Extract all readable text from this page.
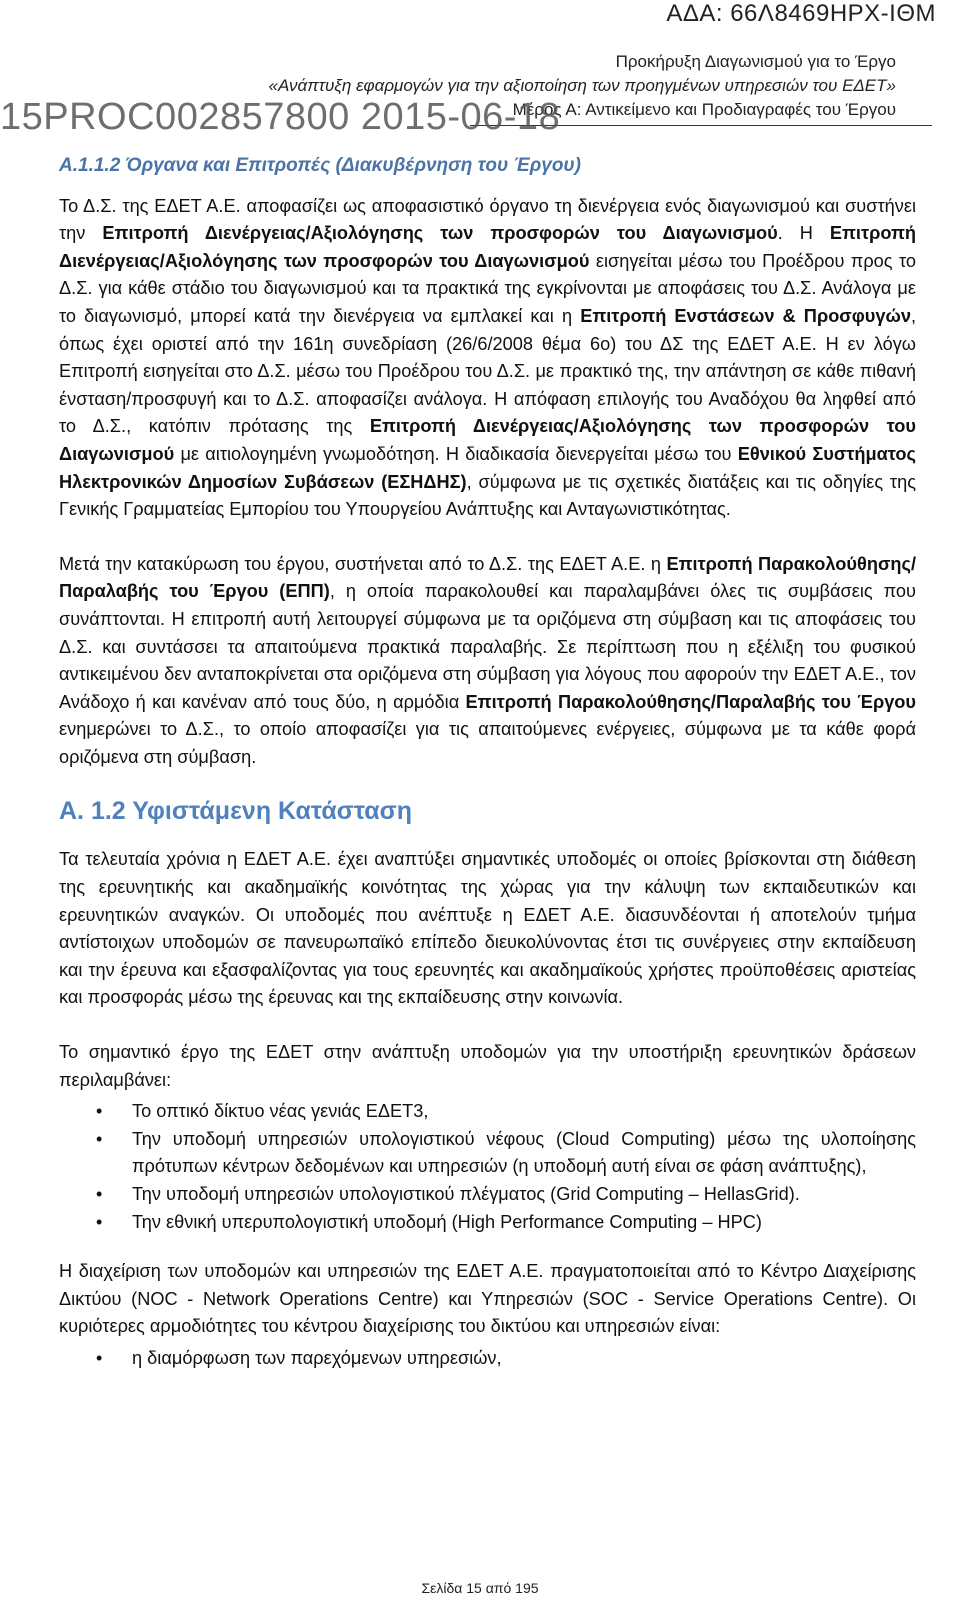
ΑΔΑ: 66Λ8469ΗΡΧ-ΙΘΜ
Προκήρυξη Διαγωνισμού για το Έργο
«Ανάπτυξη εφαρμογών για την αξιοποίηση των προηγμένων υπηρεσιών του ΕΔΕΤ»
Μέρος Α: Αντικείμενο και Προδιαγραφές του Έργου
15PROC002857800 2015-06-18
Α.1.1.2 Όργανα και Επιτροπές (Διακυβέρνηση του Έργου)

Το Δ.Σ. της ΕΔΕΤ Α.Ε. αποφασίζει ως αποφασιστικό όργανο τη διενέργεια ενός διαγωνισμού και συστήνει την Επιτροπή Διενέργειας/Αξιολόγησης των προσφορών του Διαγωνισμού. Η Επιτροπή Διενέργειας/Αξιολόγησης των προσφορών του Διαγωνισμού εισηγείται μέσω του Προέδρου προς το Δ.Σ. για κάθε στάδιο του διαγωνισμού και τα πρακτικά της εγκρίνονται με αποφάσεις του Δ.Σ. Ανάλογα με το διαγωνισμό, μπορεί κατά την διενέργεια να εμπλακεί και η Επιτροπή Ενστάσεων & Προσφυγών, όπως έχει οριστεί από την 161η συνεδρίαση (26/6/2008 θέμα 6ο) του ΔΣ της ΕΔΕΤ Α.Ε. Η εν λόγω Επιτροπή εισηγείται στο Δ.Σ. μέσω του Προέδρου του Δ.Σ. με πρακτικό της, την απάντηση σε κάθε πιθανή ένσταση/προσφυγή και το Δ.Σ. αποφασίζει ανάλογα. Η απόφαση επιλογής του Αναδόχου θα ληφθεί από το Δ.Σ., κατόπιν πρότασης της Επιτροπή Διενέργειας/Αξιολόγησης των προσφορών του Διαγωνισμού με αιτιολογημένη γνωμοδότηση. Η διαδικασία διενεργείται μέσω του Εθνικού Συστήματος Ηλεκτρονικών Δημοσίων Συβάσεων (ΕΣΗΔΗΣ), σύμφωνα με τις σχετικές διατάξεις και τις οδηγίες της Γενικής Γραμματείας Εμπορίου του Υπουργείου Ανάπτυξης και Ανταγωνιστικότητας.

Μετά την κατακύρωση του έργου, συστήνεται από το Δ.Σ. της ΕΔΕΤ Α.Ε. η Επιτροπή Παρακολούθησης/Παραλαβής του Έργου (ΕΠΠ), η οποία παρακολουθεί και παραλαμβάνει όλες τις συμβάσεις που συνάπτονται. Η επιτροπή αυτή λειτουργεί σύμφωνα με τα οριζόμενα στη σύμβαση και τις αποφάσεις του Δ.Σ. και συντάσσει τα απαιτούμενα πρακτικά παραλαβής. Σε περίπτωση που η εξέλιξη του φυσικού αντικειμένου δεν ανταποκρίνεται στα οριζόμενα στη σύμβαση για λόγους που αφορούν την ΕΔΕΤ Α.Ε., τον Ανάδοχο ή και κανέναν από τους δύο, η αρμόδια Επιτροπή Παρακολούθησης/Παραλαβής του Έργου ενημερώνει το Δ.Σ., το οποίο αποφασίζει για τις απαιτούμενες ενέργειες, σύμφωνα με τα κάθε φορά οριζόμενα στη σύμβαση.

Α. 1.2 Υφιστάμενη Κατάσταση

Τα τελευταία χρόνια η ΕΔΕΤ Α.Ε. έχει αναπτύξει σημαντικές υποδομές οι οποίες βρίσκονται στη διάθεση της ερευνητικής και ακαδημαϊκής κοινότητας της χώρας για την κάλυψη των εκπαιδευτικών και ερευνητικών αναγκών. Οι υποδομές που ανέπτυξε η ΕΔΕΤ Α.Ε. διασυνδέονται ή αποτελούν τμήμα αντίστοιχων υποδομών σε πανευρωπαϊκό επίπεδο διευκολύνοντας έτσι τις συνέργειες στην εκπαίδευση και την έρευνα και εξασφαλίζοντας για τους ερευνητές και ακαδημαϊκούς χρήστες προϋποθέσεις αριστείας και προσφοράς μέσω της έρευνας και της εκπαίδευσης στην κοινωνία.

Το σημαντικό έργο της ΕΔΕΤ στην ανάπτυξη υποδομών για την υποστήριξη ερευνητικών δράσεων περιλαμβάνει:

• Το οπτικό δίκτυο νέας γενιάς ΕΔΕΤ3,
• Την υποδομή υπηρεσιών υπολογιστικού νέφους (Cloud Computing) μέσω της υλοποίησης πρότυπων κέντρων δεδομένων και υπηρεσιών (η υποδομή αυτή είναι σε φάση ανάπτυξης),
• Την υποδομή υπηρεσιών υπολογιστικού πλέγματος (Grid Computing – HellasGrid).
• Την εθνική υπερυπολογιστική υποδομή (High Performance Computing – HPC)

Η διαχείριση των υποδομών και υπηρεσιών της ΕΔΕΤ Α.Ε. πραγματοποιείται από το Κέντρο Διαχείρισης Δικτύου (NOC - Network Operations Centre) και Υπηρεσιών (SOC - Service Operations Centre). Οι κυριότερες αρμοδιότητες του κέντρου διαχείρισης του δικτύου και υπηρεσιών είναι:

• η διαμόρφωση των παρεχόμενων υπηρεσιών,
Σελίδα 15 από 195
